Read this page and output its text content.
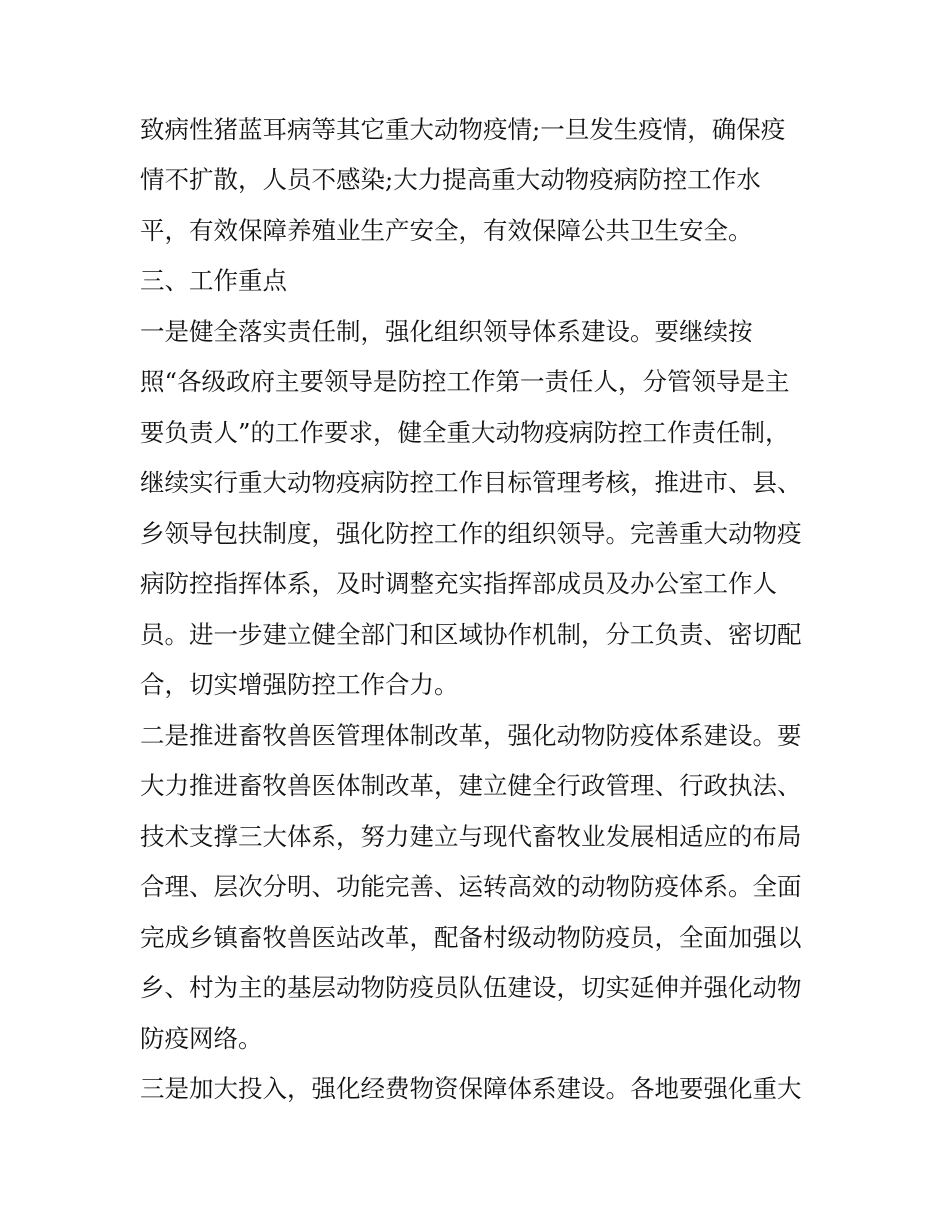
致病性猪蓝耳病等其它重大动物疫情;一旦发生疫情，确保疫
情不扩散，人员不感染;大力提高重大动物疫病防控工作水
平，有效保障养殖业生产安全，有效保障公共卫生安全。
三、工作重点
一是健全落实责任制，强化组织领导体系建设。要继续按
照“各级政府主要领导是防控工作第一责任人，分管领导是主
要负责人”的工作要求，健全重大动物疫病防控工作责任制，
继续实行重大动物疫病防控工作目标管理考核，推进市、县、
乡领导包扶制度，强化防控工作的组织领导。完善重大动物疫
病防控指挥体系，及时调整充实指挥部成员及办公室工作人
员。进一步建立健全部门和区域协作机制，分工负责、密切配
合，切实增强防控工作合力。
二是推进畜牧兽医管理体制改革，强化动物防疫体系建设。要
大力推进畜牧兽医体制改革，建立健全行政管理、行政执法、
技术支撑三大体系，努力建立与现代畜牧业发展相适应的布局
合理、层次分明、功能完善、运转高效的动物防疫体系。全面
完成乡镇畜牧兽医站改革，配备村级动物防疫员，全面加强以
乡、村为主的基层动物防疫员队伍建设，切实延伸并强化动物
防疫网络。
三是加大投入，强化经费物资保障体系建设。各地要强化重大
